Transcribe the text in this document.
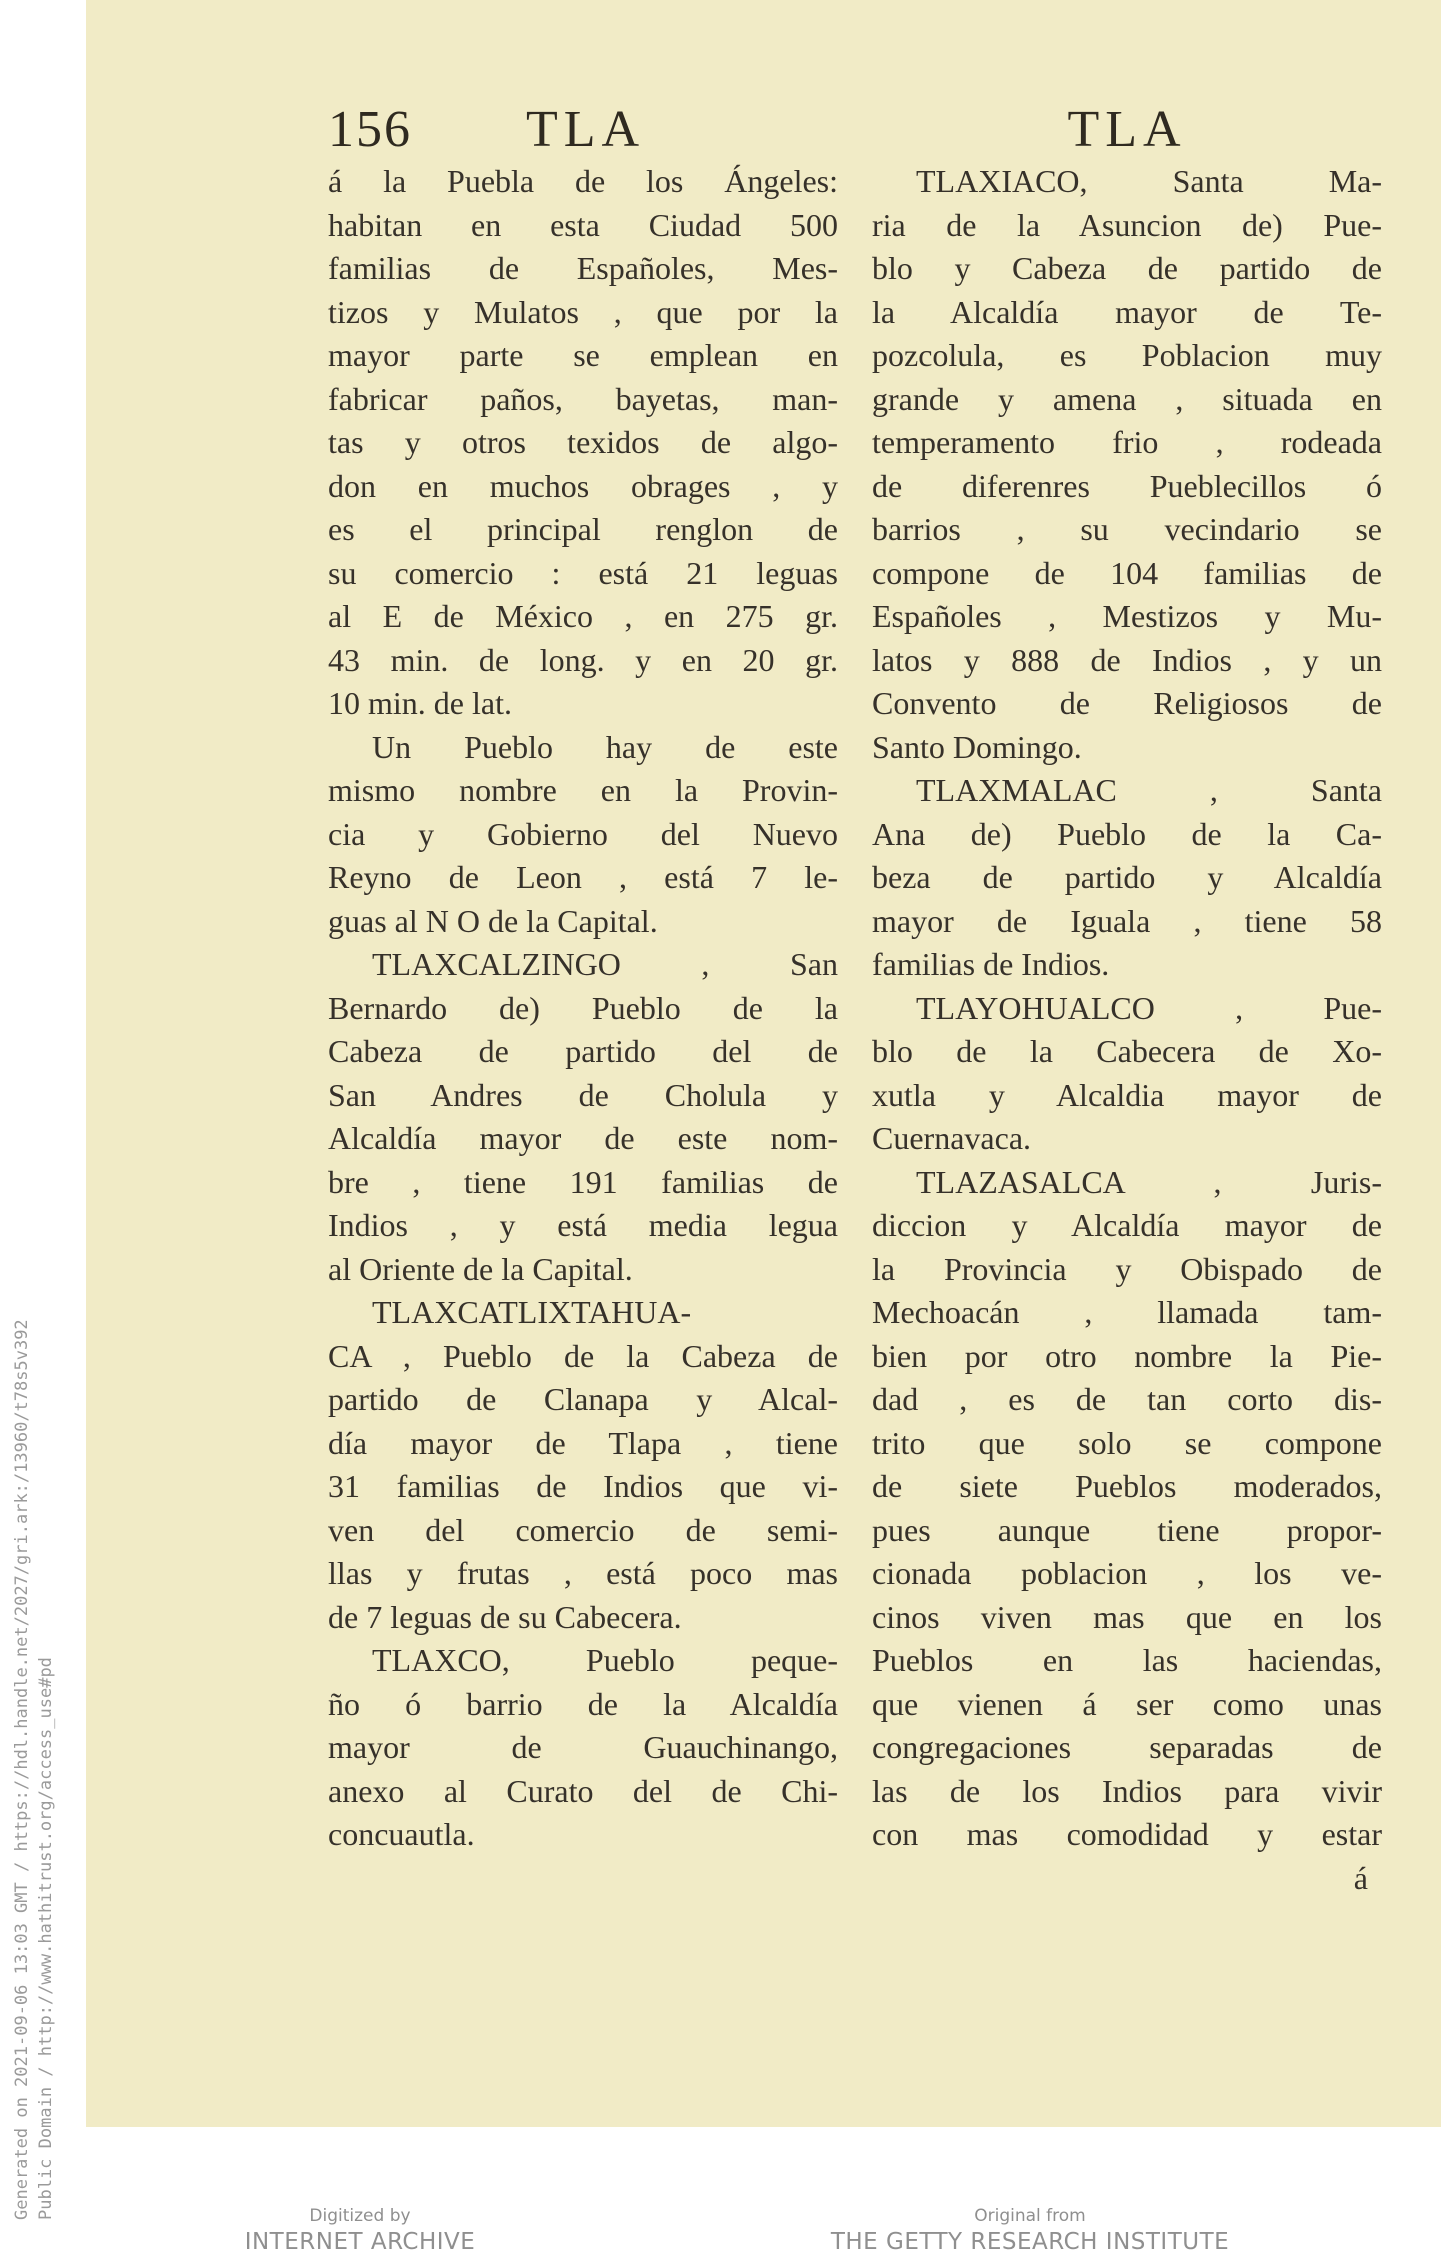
Generated on 2021-09-06 13:03 GMT / https://hdl.handle.net/2027/gri.ark:/13960/t78s5v392 Public Domain / http://www.hathitrust.org/access_use#pd
156 TLA
á la Puebla de los Ángeles:
habitan en esta Ciudad 500
familias de Españoles, Mes-
tizos y Mulatos , que por la
mayor parte se emplean en
fabricar paños, bayetas, man-
tas y otros texidos de algo-
don en muchos obrages , y
es el principal renglon de
su comercio : está 21 leguas
al E de México , en 275 gr.
43 min. de long. y en 20 gr.
10 min. de lat.
Un Pueblo hay de este
mismo nombre en la Provin-
cia y Gobierno del Nuevo
Reyno de Leon , está 7 le-
guas al N O de la Capital.
TLAXCALZINGO , San
Bernardo de) Pueblo de la
Cabeza de partido del de
San Andres de Cholula y
Alcaldía mayor de este nom-
bre , tiene 191 familias de
Indios , y está media legua
al Oriente de la Capital.
TLAXCATLIXTAHUA-
CA , Pueblo de la Cabeza de
partido de Clanapa y Alcal-
día mayor de Tlapa , tiene
31 familias de Indios que vi-
ven del comercio de semi-
llas y frutas , está poco mas
de 7 leguas de su Cabecera.
TLAXCO, Pueblo peque-
ño ó barrio de la Alcaldía
mayor de Guauchinango,
anexo al Curato del de Chi-
concuautla.
TLA
TLAXIACO, Santa Ma-
ria de la Asuncion de) Pue-
blo y Cabeza de partido de
la Alcaldía mayor de Te-
pozcolula, es Poblacion muy
grande y amena , situada en
temperamento frio , rodeada
de diferenres Pueblecillos ó
barrios , su vecindario se
compone de 104 familias de
Españoles , Mestizos y Mu-
latos y 888 de Indios , y un
Convento de Religiosos de
Santo Domingo.
TLAXMALAC , Santa
Ana de) Pueblo de la Ca-
beza de partido y Alcaldía
mayor de Iguala , tiene 58
familias de Indios.
TLAYOHUALCO , Pue-
blo de la Cabecera de Xo-
xutla y Alcaldia mayor de
Cuernavaca.
TLAZASALCA , Juris-
diccion y Alcaldía mayor de
la Provincia y Obispado de
Mechoacán , llamada tam-
bien por otro nombre la Pie-
dad , es de tan corto dis-
trito que solo se compone
de siete Pueblos moderados,
pues aunque tiene propor-
cionada poblacion , los ve-
cinos viven mas que en los
Pueblos en las haciendas,
que vienen á ser como unas
congregaciones separadas de
las de los Indios para vivir
con mas comodidad y estar
á
Digitized by
INTERNET ARCHIVE
Original from
THE GETTY RESEARCH INSTITUTE
